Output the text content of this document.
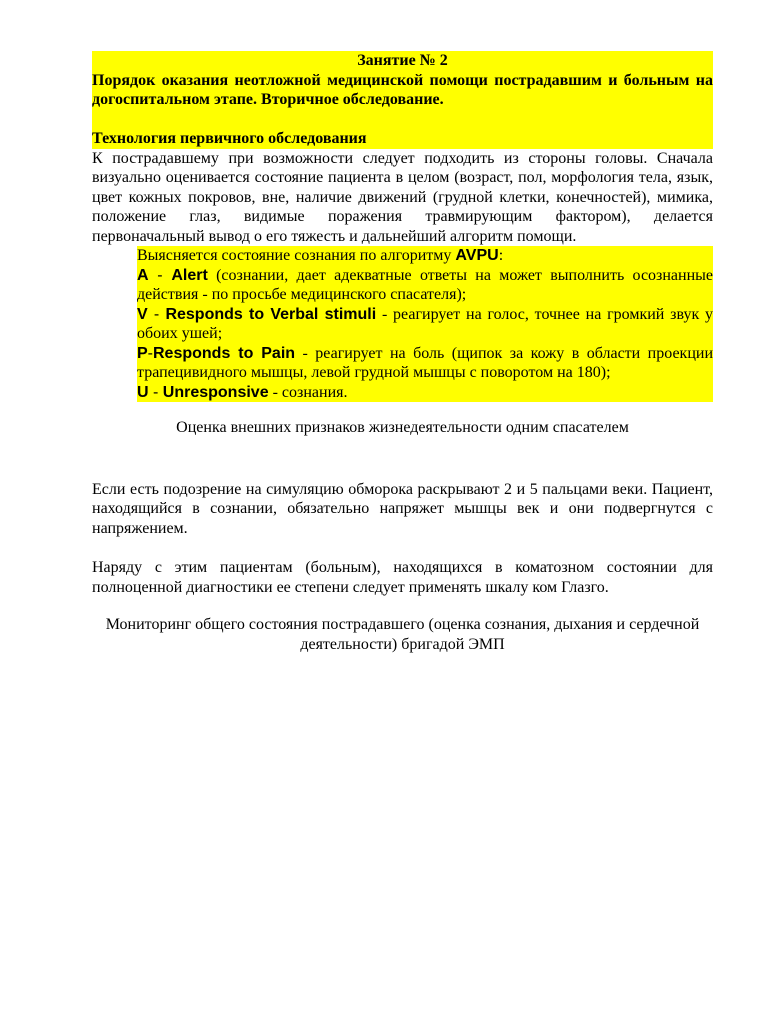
Занятие № 2

Порядок оказания неотложной медицинской помощи пострадавшим и больным на догоспитальном этапе. Вторичное обследование.

Технология первичного обследования

К пострадавшему при возможности следует подходить из стороны головы. Сначала визуально оценивается состояние пациента в целом (возраст, пол, морфология тела, язык, цвет кожных покровов, вне, наличие движений (грудной клетки, конечностей), мимика, положение глаз, видимые поражения травмирующим фактором), делается первоначальный вывод о его тяжесть и дальнейший алгоритм помощи.

Выясняется состояние сознания по алгоритму AVPU:

A - Alert (сознании, дает адекватные ответы на может выполнить осознанные действия - по просьбе медицинского спасателя);

V - Responds to Verbal stimuli - реагирует на голос, точнее на громкий звук у обоих ушей;

P-Responds to Pain - реагирует на боль (щипок за кожу в области проекции трапецивидного мышцы, левой грудной мышцы с поворотом на 180);

U - Unresponsive - сознания.

Оценка внешних признаков жизнедеятельности одним спасателем

Если есть подозрение на симуляцию обморока раскрывают 2 и 5 пальцами веки. Пациент, находящийся в сознании, обязательно напряжет мышцы век и они подвергнутся с напряжением.

Наряду с этим пациентам (больным), находящихся в коматозном состоянии для полноценной диагностики ее степени следует применять шкалу ком Глазго.

Мониторинг общего состояния пострадавшего (оценка сознания, дыхания и сердечной деятельности) бригадой ЭМП
